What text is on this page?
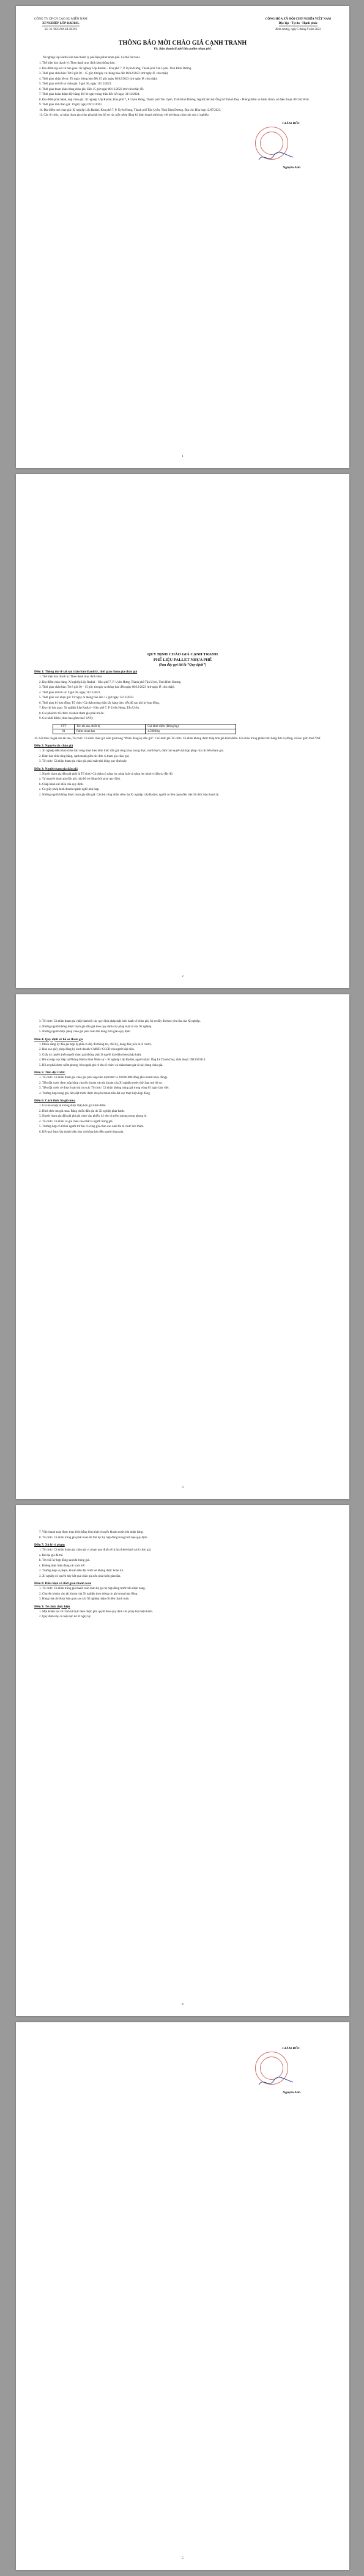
CÔNG TY CP CN CAO SU MIỀN NAM
XÍ NGHIỆP LỐP RADIAL
Số: 32 /2023/XNLR-HCNS
CỘNG HÒA XÃ HỘI CHỦ NGHĨA VIỆT NAM
Độc lập - Tự do - Hạnh phúc
Bình dương, ngày 5 tháng 9 năm 2023
THÔNG BÁO MỜI CHÀO GIÁ CẠNH TRANH
Về: Bán thanh lý phế liệu pallet nhựa phế.

Xí nghiệp lốp Radial cần bán thanh lý phế liệu pallet nhựa phế. Cụ thể như sau:

1. Thể hiện bán thanh lý: Theo danh mục đính kèm thông báo.
2. Địa điểm tập kết và bàn giao: Xí nghiệp Lốp Radial – Khu phố 7, P. Uyên Hưng, Thành phố Tân Uyên, Tỉnh Bình Dương.
3. Thời gian chào bán: Từ 8 giờ 30 – 15 giờ, từ ngày và thông báo đến 08/12/2023 (trừ ngày lễ, chủ nhật).
4. Thời gian nhận hồ sơ: Từ ngày thông báo đến 15 giờ, ngày 08/12/2023 (trừ ngày lễ, chủ nhật).
5. Thời gian mở hồ sơ chào giá: 9 giờ 30, ngày 11/12/2023.
6. Thời gian tham khảo bảng chào giá: Đến 15 giờ ngày 08/12/2023 (trừ chủ nhật, lễ).
7. Thời gian hoàn thành lấy hàng: Kể từ ngày trúng thầu đến hết ngày 31/12/2024.
8. Địa điểm phát hành, nộp chào giá: Xí nghiệp Lốp Radial, Khu phố 7, P. Uyên Hưng, Thành phố Tân Uyên, Tỉnh Bình Dương. Người liên hệ: Ông Lê Thành Duy - Phòng thẩm xe hành chính, số điện thoại: 0913623016.
9. Thời gian mở chào giá: 10 giờ, ngày 09/12/2023.
10. Địa điểm mở chào giá: Xí nghiệp Lốp Radial, Khu phố 7, P. Uyên Hưng, Thành phố Tân Uyên, Tỉnh Bình Dương. Địa chỉ: Hòa hợp 12/07/2023.
11. Các tổ chức, cá nhân tham gia chào giá phải lưu hồ sơ các giấy phép đăng ký kinh doanh phù hợp với nội dung chào bán của xí nghiệp.
GIÁM ĐỐC
Nguyễn Anh
1
QUY ĐỊNH CHÀO GIÁ CẠNH TRANH
PHẾ LIỆU PALLET NHỰA PHẾ
(Sau đây gọi tắt là “Quy định”)
Điều 1: Thông tin về tài sản chào bán thanh lý, thời gian tham gia chào giá
1. Thể hiện bán thanh lý: Theo danh mục đính kèm.
2. Địa điểm chào hàng: Xí nghiệp Lốp Radial – Khu phố 7, P. Uyên Hưng, Thành phố Tân Uyên, Tỉnh Bình Dương.
3. Thời gian chào bán: Từ 8 giờ 30 – 15 giờ, từ ngày ra thông báo đến ngày 08/12/2023 (trừ ngày lễ, chủ nhật).
4. Thời gian mở hồ sơ: 9 giờ 30, ngày 11/12/2023.
5. Thời gian xác nhận giá: Từ ngày ra thông báo đến 15 giờ ngày 12/12/2023.
6. Thời gian ký hợp đồng: Tổ chức/ Cá nhân trúng thầu lấy hàng theo tiến độ sau khi ký hợp đồng.
7. Địa chỉ bàn giao: Xí nghiệp Lốp Radial – Khu phố 7, P. Uyên Hưng, Tân Uyên.
8. Giá phải trả: tổ chức/ cá nhân tham gia phải trả đủ.
9. Giá khởi điểm (chưa bao gồm thuế VAT):
STT	Tên tài sản, thiết bị	Giá khởi điểm (Đồng/kg)
01	Pallet nhựa hạt	4.500đ/kg

10. Giá trên: là giá của tài sản, Tổ chức/ Cá nhân chào giá năm giá trong “Phiếu đăng ký đấu giá”. Các mức giá Tổ chức/ Cá nhân không được thấp hơn giá khởi điểm. Giá chào trong phiếu tính bằng đơn vị đồng, có bao gồm thuế VAT.

Điều 2: Nguyên tắc chào giá
1. Xí nghiệp tiến hành chào bán công khai theo hình thức đấu giá công khai, trung thực, minh bạch, đảm bảo quyền lợi hợp pháp của các bên tham gia.
2. Đảm bảo tính công bằng, cạnh tranh giữa các đơn vị tham gia chào giá.
3. Tổ chức/ Cá nhân tham gia chào giá phải tuân thủ đúng quy định này.
Điều 3: Người tham gia đấu giá
1. Người tham gia đấu giá phải là Tổ chức/ Cá nhân có năng lực pháp luật và năng lực hành vi dân sự đầy đủ.
a. Tự nguyện tham gia đấu giá, nộp hồ sơ đúng thời gian quy định.
b. Chấp hành các điều của quy định.
c. Có giấy phép kinh doanh ngành nghề phù hợp.
2. Những người không được tham gia đấu giá: Cán bộ công nhân viên của Xí nghiệp Lốp Radial; người có liên quan đến việc tổ chức bán thanh lý.
2
3. Tổ chức/ Cá nhân tham gia chấp hành tốt các quy định pháp luật hiện hành về chào giá, hồ sơ đầy đủ theo yêu cầu của Xí nghiệp.
4. Những người không được tham gia đấu giá theo quy định của pháp luật và của Xí nghiệp.
5. Những người được phép chào giá phải tuân thủ đúng thời gian quy định.
Điều 4: Quy định về hồ sơ tham gia
1. Phiếu đăng ký đấu giá hợp lệ phải có đầy đủ thông tin, chữ ký, đóng dấu (nếu là tổ chức).
2. Bản sao giấy phép đăng ký kinh doanh/ CMND/ CCCD của người đại diện.
3. Giấy ủy quyền (nếu người tham gia không phải là người đại diện theo pháp luật).
4. Hồ sơ nộp trực tiếp tại Phòng Hành chính Nhân sự – Xí nghiệp Lốp Radial, người nhận: Ông Lê Thành Duy, điện thoại: 0913623016.
5. Hồ sơ phải được niêm phong, bên ngoài ghi rõ tên tổ chức/ cá nhân tham gia và nội dung chào giá.
Điều 5: Tiền đặt trước
1. Tổ chức/ Cá nhân tham gia chào giá phải nộp tiền đặt trước là 20.000.000 đồng (Hai mươi triệu đồng).
2. Tiền đặt trước được nộp bằng chuyển khoản vào tài khoản của Xí nghiệp trước thời hạn mở hồ sơ.
3. Tiền đặt trước sẽ được hoàn trả cho các Tổ chức/ Cá nhân không trúng giá trong vòng 05 ngày làm việc.
4. Trường hợp trúng giá, tiền đặt trước được chuyển thành tiền đặt cọc thực hiện hợp đồng.
Điều 6: Cách thức bỏ giá mua
1. Giá mua hợp lệ không được thấp hơn giá khởi điểm.
2. Hình thức trả giá mua: Bằng phiếu đấu giá do Xí nghiệp phát hành.
3. Người tham gia đấu giá ghi giá chào vào phiếu, ký tên và niêm phong trong phong bì.
4. Tổ chức/ Cá nhân có giá chào cao nhất là người trúng giá.
5. Trường hợp có từ hai người trở lên có cùng giá chào cao nhất thì tổ chức bốc thăm.
6. Kết quả được lập thành biên bản và thông báo đến người tham gia.
3
7. Việc thanh toán được thực hiện bằng hình thức chuyển khoản trước khi nhận hàng.
8. Tổ chức/ Cá nhân trúng giá phải hoàn tất thủ tục ký hợp đồng trong thời hạn quy định.
Điều 7: Xử lý vi phạm
1. Tổ chức/ Cá nhân tham gia chào giá vi phạm quy định sẽ bị loại khỏi danh sách chào giá.
a. Rút lại giá đã trả.
b. Từ chối ký hợp đồng sau khi trúng giá.
c. Không thực hiện đúng các cam kết.
2. Trường hợp vi phạm, khoản tiền đặt trước sẽ không được hoàn trả.
3. Xí nghiệp có quyền hủy kết quả chào giá nếu phát hiện gian lận.
Điều 8: Điều kiện và thời gian thanh toán
1. Tổ chức/ Cá nhân trúng giá thanh toán toàn bộ giá trị hợp đồng trước khi nhận hàng.
2. Chuyển khoản vào tài khoản của Xí nghiệp theo thông tin ghi trong hợp đồng.
3. Hàng hóa chỉ được bàn giao sau khi Xí nghiệp nhận đủ tiền thanh toán.
Điều 9: Tổ chức thực hiện
1. Mọi khiếu nại về trình tự thực hiện được giải quyết theo quy định của pháp luật hiện hành.
2. Quy định này có hiệu lực kể từ ngày ký.
4
GIÁM ĐỐC
Nguyễn Anh
5
